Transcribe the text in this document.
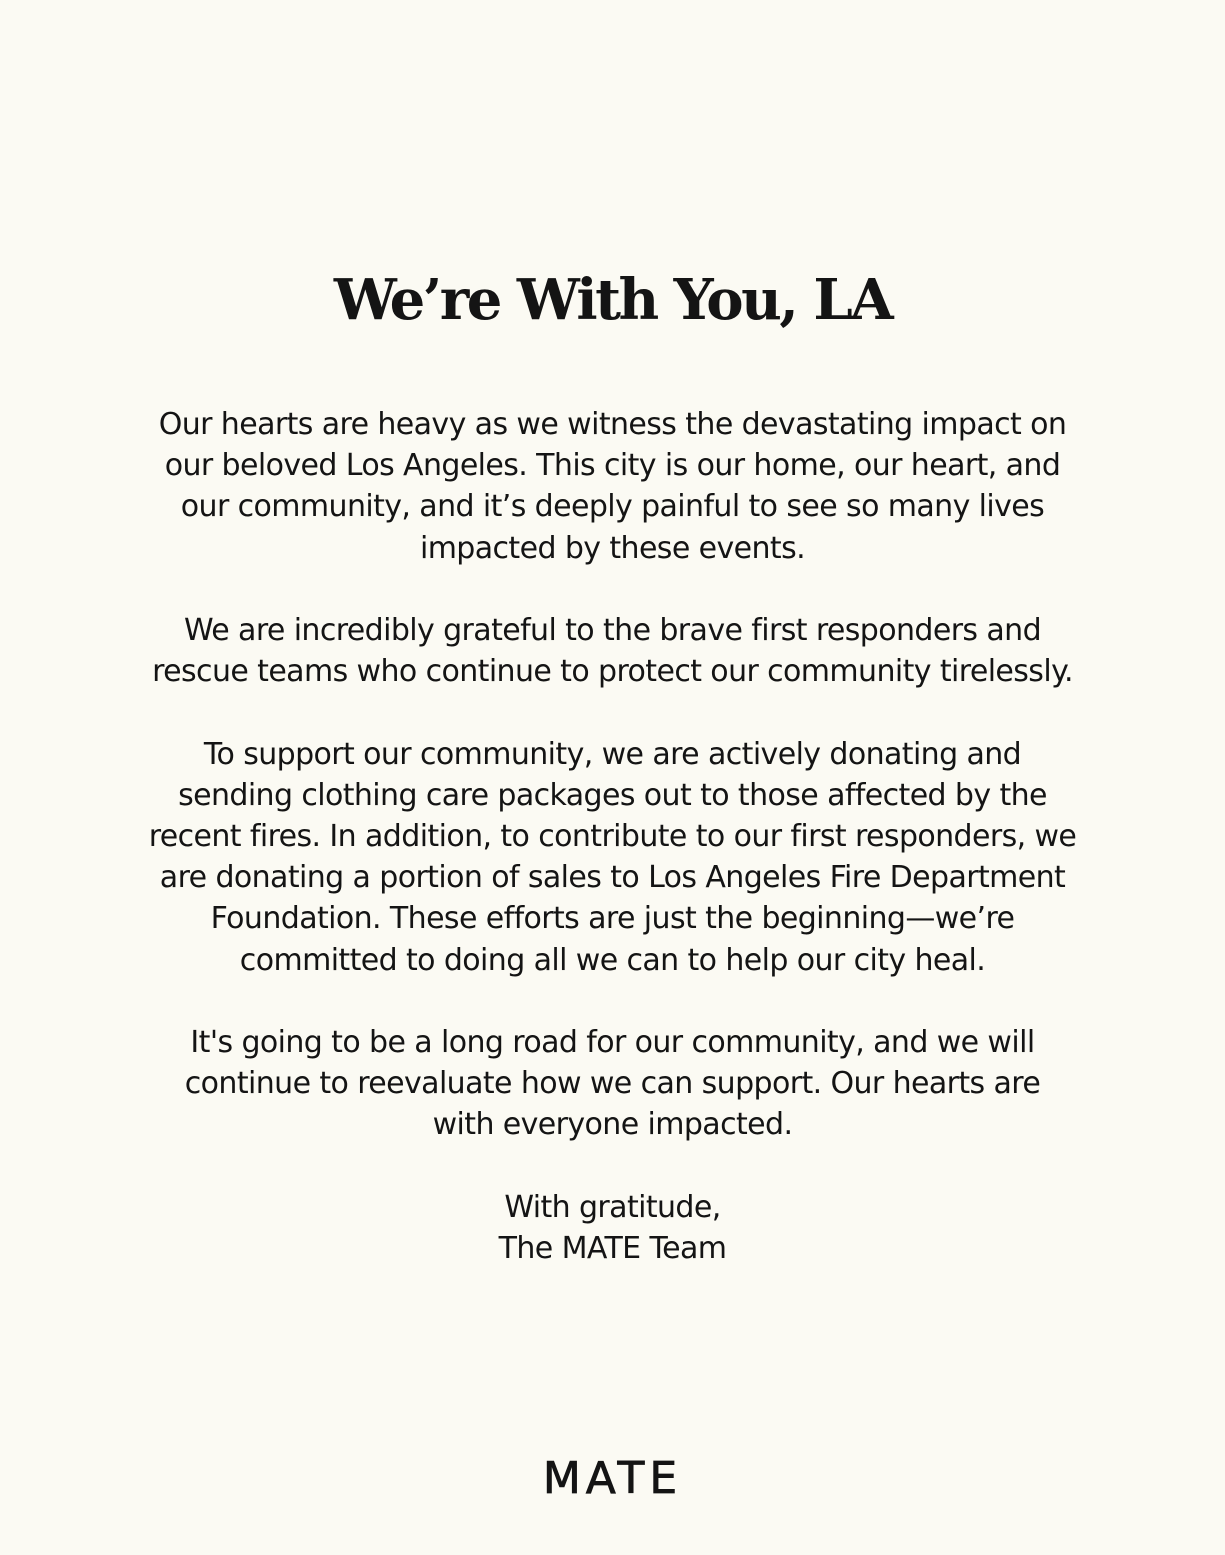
We’re With You, LA

Our hearts are heavy as we witness the devastating impact on
our beloved Los Angeles. This city is our home, our heart, and
our community, and it’s deeply painful to see so many lives
impacted by these events.

We are incredibly grateful to the brave first responders and
rescue teams who continue to protect our community tirelessly.

To support our community, we are actively donating and
sending clothing care packages out to those affected by the
recent fires. In addition, to contribute to our first responders, we
are donating a portion of sales to Los Angeles Fire Department
Foundation. These efforts are just the beginning—we’re
committed to doing all we can to help our city heal.

It's going to be a long road for our community, and we will
continue to reevaluate how we can support. Our hearts are
with everyone impacted.

With gratitude,
The MATE Team

MATE
